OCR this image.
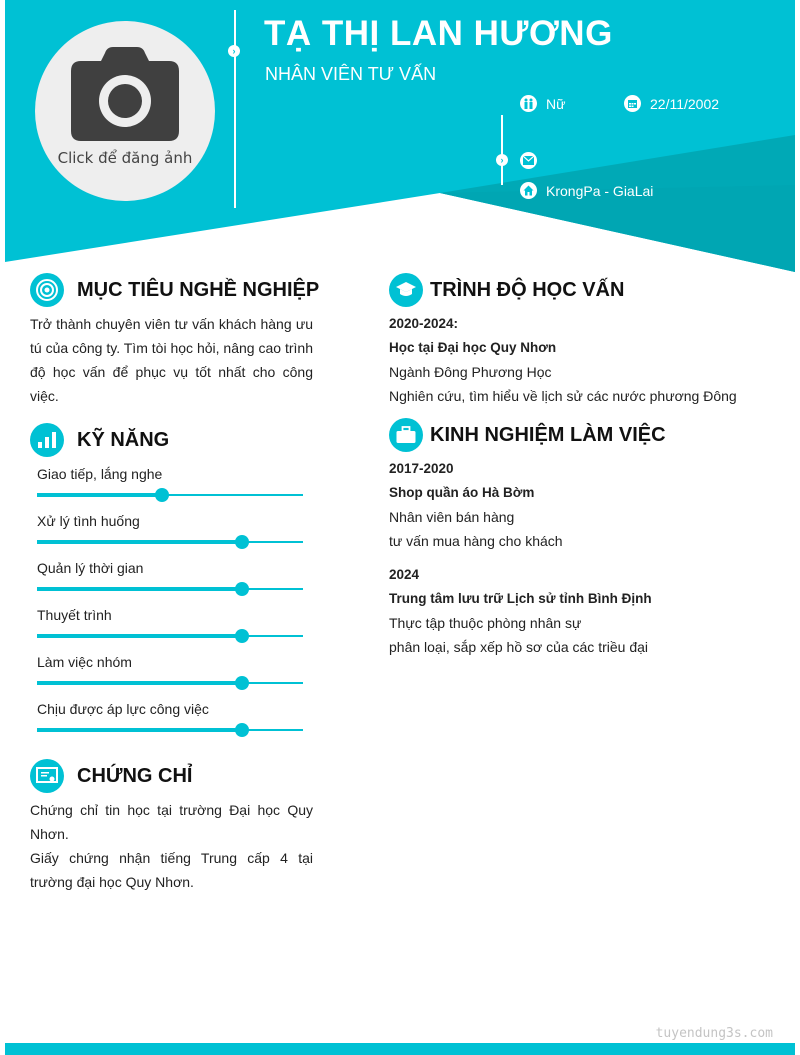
Click để đăng ảnh
›
›
TẠ THỊ LAN HƯƠNG
NHÂN VIÊN TƯ VẤN
Nữ	22/11/2002
KrongPa - GiaLai
MỤC TIÊU NGHỀ NGHIỆP
Trở thành chuyên viên tư vấn khách hàng ưu tú của công ty. Tìm tòi học hỏi, nâng cao trình độ học vấn để phục vụ tốt nhất cho công việc.
KỸ NĂNG
Giao tiếp, lắng nghe
Xử lý tình huống
Quản lý thời gian
Thuyết trình
Làm việc nhóm
Chịu được áp lực công việc
CHỨNG CHỈ
Chứng chỉ tin học tại trường Đại học Quy Nhơn.
Giấy chứng nhận tiếng Trung cấp 4 tại trường đại học Quy Nhơn.
TRÌNH ĐỘ HỌC VẤN
2020-2024:
Học tại Đại học Quy Nhơn
Ngành Đông Phương Học
Nghiên cứu, tìm hiểu về lịch sử các nước phương Đông
KINH NGHIỆM LÀM VIỆC
2017-2020
Shop quần áo Hà Bờm
Nhân viên bán hàng
tư vấn mua hàng cho khách
2024
Trung tâm lưu trữ Lịch sử tỉnh Bình Định
Thực tập thuộc phòng nhân sự
phân loại, sắp xếp hồ sơ của các triều đại
tuyendung3s.com
